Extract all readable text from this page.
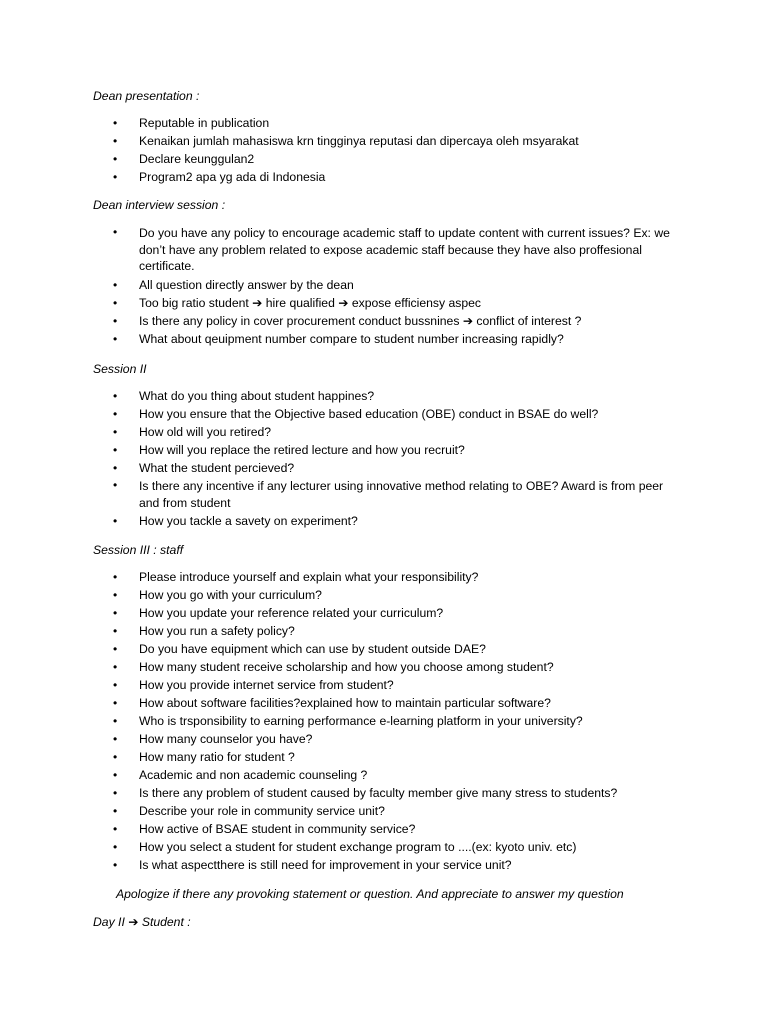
Dean presentation :
•	Reputable in publication
•	Kenaikan jumlah mahasiswa krn tingginya reputasi dan dipercaya oleh msyarakat
•	Declare keunggulan2
•	Program2 apa yg ada di Indonesia
Dean interview session :
•	Do you have any policy to encourage academic staff to update content with current issues? Ex: we don’t have any problem related to expose academic staff because they have also proffesional certificate.
•	All question directly answer by the dean
•	Too big ratio student ➔ hire qualified ➔ expose efficiensy aspec
•	Is there any policy in cover procurement conduct bussnines ➔ conflict of interest ?
•	What about qeuipment number compare to student number increasing rapidly?
Session II
•	What do you thing about student happines?
•	How you ensure that the Objective based education (OBE) conduct in BSAE do well?
•	How old will you retired?
•	How will you replace the retired lecture and how you recruit?
•	What the student percieved?
•	Is there any incentive if any lecturer using innovative method relating to OBE? Award is from peer and from student
•	How you tackle a savety on experiment?
Session III : staff
•	Please introduce yourself and explain what your responsibility?
•	How you go with your curriculum?
•	How you update your reference related your curriculum?
•	How you run a safety policy?
•	Do you have equipment which can use by student outside DAE?
•	How many student receive scholarship and how you choose among student?
•	How you provide internet service from student?
•	How about software facilities?explained how to maintain particular software?
•	Who is trsponsibility to earning performance e-learning platform in your university?
•	How many counselor you have?
•	How many ratio for student ?
•	Academic and non academic counseling ?
•	Is there any problem of student caused by faculty member give many stress to students?
•	Describe your role in community service unit?
•	How active of BSAE student in community service?
•	How you select a student for student exchange program to ....(ex: kyoto univ. etc)
•	Is what aspectthere is still need for improvement in your service unit?
Apologize if there any provoking statement or question. And appreciate to answer my question
Day II ➔ Student :
